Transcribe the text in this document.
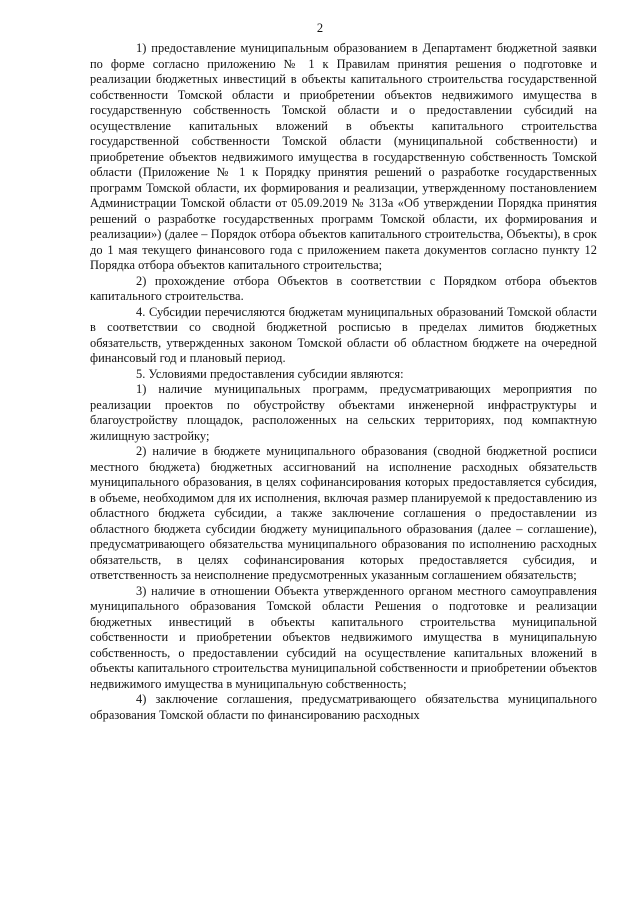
2

1) предоставление муниципальным образованием в Департамент бюджетной заявки по форме согласно приложению № 1 к Правилам принятия решения о подготовке и реализации бюджетных инвестиций в объекты капитального строительства государственной собственности Томской области и приобретении объектов недвижимого имущества в государственную собственность Томской области и о предоставлении субсидий на осуществление капитальных вложений в объекты капитального строительства государственной собственности Томской области (муниципальной собственности) и приобретение объектов недвижимого имущества в государственную собственность Томской области (Приложение № 1 к Порядку принятия решений о разработке государственных программ Томской области, их формирования и реализации, утвержденному постановлением Администрации Томской области от 05.09.2019 № 313а «Об утверждении Порядка принятия решений о разработке государственных программ Томской области, их формирования и реализации») (далее – Порядок отбора объектов капитального строительства, Объекты), в срок до 1 мая текущего финансового года с приложением пакета документов согласно пункту 12 Порядка отбора объектов капитального строительства;

2) прохождение отбора Объектов в соответствии с Порядком отбора объектов капитального строительства.

4. Субсидии перечисляются бюджетам муниципальных образований Томской области в соответствии со сводной бюджетной росписью в пределах лимитов бюджетных обязательств, утвержденных законом Томской области об областном бюджете на очередной финансовый год и плановый период.

5. Условиями предоставления субсидии являются:

1) наличие муниципальных программ, предусматривающих мероприятия по реализации проектов по обустройству объектами инженерной инфраструктуры и благоустройству площадок, расположенных на сельских территориях, под компактную жилищную застройку;

2) наличие в бюджете муниципального образования (сводной бюджетной росписи местного бюджета) бюджетных ассигнований на исполнение расходных обязательств муниципального образования, в целях софинансирования которых предоставляется субсидия, в объеме, необходимом для их исполнения, включая размер планируемой к предоставлению из областного бюджета субсидии, а также заключение соглашения о предоставлении из областного бюджета субсидии бюджету муниципального образования (далее – соглашение), предусматривающего обязательства муниципального образования по исполнению расходных обязательств, в целях софинансирования которых предоставляется субсидия, и ответственность за неисполнение предусмотренных указанным соглашением обязательств;

3) наличие в отношении Объекта утвержденного органом местного самоуправления муниципального образования Томской области Решения о подготовке и реализации бюджетных инвестиций в объекты капитального строительства муниципальной собственности и приобретении объектов недвижимого имущества в муниципальную собственность, о предоставлении субсидий на осуществление капитальных вложений в объекты капитального строительства муниципальной собственности и приобретении объектов недвижимого имущества в муниципальную собственность;

4) заключение соглашения, предусматривающего обязательства муниципального образования Томской области по финансированию расходных
